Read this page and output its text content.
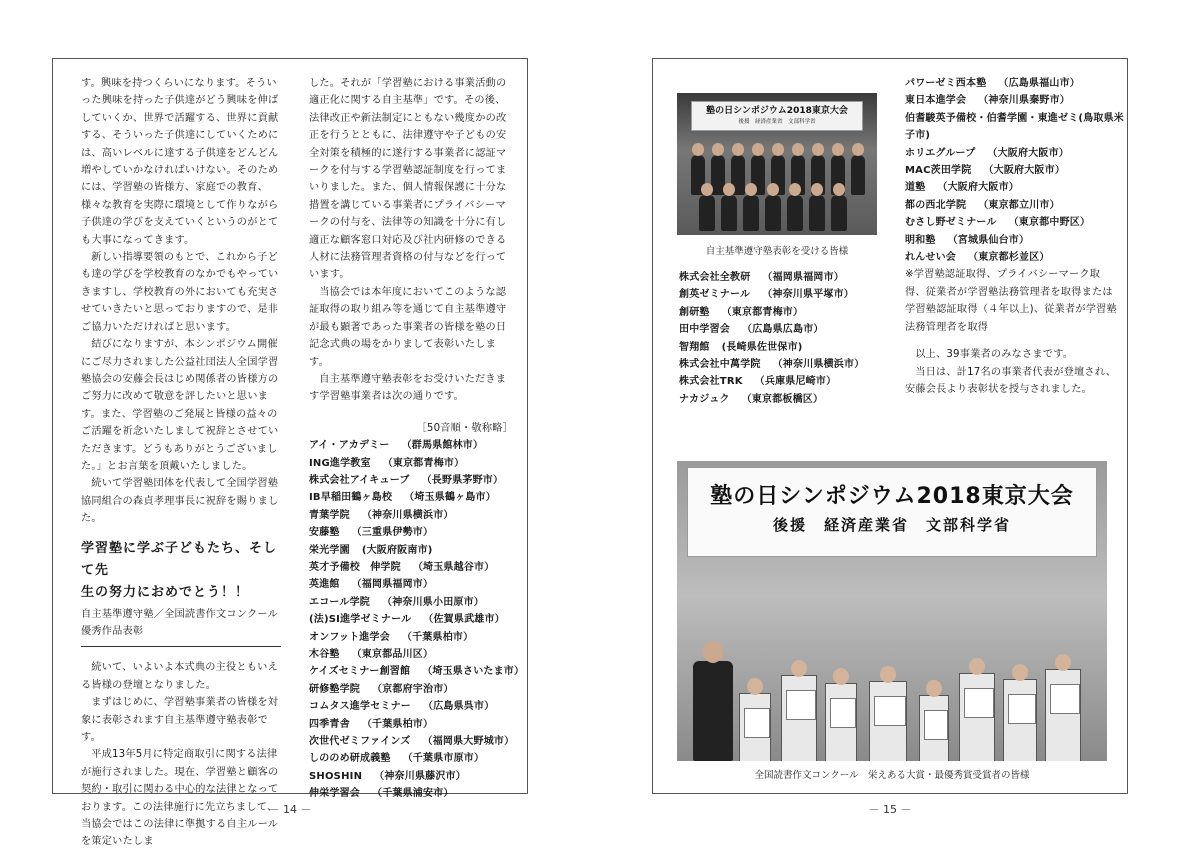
す。興味を持つくらいになります。そういった興味を持った子供達がどう興味を伸ばしていくか、世界で活躍する、世界に貢献する、そういった子供達にしていくためには、高いレベルに達する子供達をどんどん増やしていかなければいけない。そのためには、学習塾の皆様方、家庭での教育、様々な教育を実際に環境として作りながら子供達の学びを支えていくというのがとても大事になってきます。

新しい指導要領のもとで、これから子ども達の学びを学校教育のなかでもやっていきますし、学校教育の外においても充実させていきたいと思っておりますので、是非ご協力いただければと思います。

結びになりますが、本シンポジウム開催にご尽力されました公益社団法人全国学習塾協会の安藤会長はじめ関係者の皆様方のご努力に改めて敬意を評したいと思います。また、学習塾のご発展と皆様の益々のご活躍を祈念いたしまして祝辞とさせていただきます。どうもありがとうございました。」とお言葉を頂戴いたしました。

続いて学習塾団体を代表して全国学習塾協同組合の森貞孝理事長に祝辞を賜りました。

学習塾に学ぶ子どもたち、そして先
生の努力におめでとう！！
自主基準遵守塾／全国読書作文コンクール優秀作品表彰

続いて、いよいよ本式典の主役ともいえる皆様の登壇となりました。

まずはじめに、学習塾事業者の皆様を対象に表彰されます自主基準遵守塾表彰です。

平成13年5月に特定商取引に関する法律が施行されました。現在、学習塾と顧客の契約・取引に関わる中心的な法律となっております。この法律施行に先立ちまして、当協会ではこの法律に準拠する自主ルールを策定いたしま

した。それが「学習塾における事業活動の適正化に関する自主基準」です。その後、法律改正や新法制定にともない幾度かの改正を行うとともに、法律遵守や子どもの安全対策を積極的に遂行する事業者に認証マークを付与する学習塾認証制度を行ってまいりました。また、個人情報保護に十分な措置を講じている事業者にプライバシーマークの付与を、法律等の知識を十分に有し適正な顧客窓口対応及び社内研修のできる人材に法務管理者資格の付与などを行っています。

当協会では本年度においてこのような認証取得の取り組み等を通じて自主基準遵守が最も顕著であった事業者の皆様を塾の日記念式典の場をかりまして表彰いたします。

自主基準遵守塾表彰をお受けいただきます学習塾事業者は次の通りです。

［50音順・敬称略］
アイ・アカデミー （群馬県館林市）
ING進学教室 （東京都青梅市）
株式会社アイキューブ （長野県茅野市）
IB早稲田鶴ヶ島校 （埼玉県鶴ヶ島市）
青葉学院 （神奈川県横浜市）
安藤塾 （三重県伊勢市）
栄光学園 (大阪府阪南市)
英才予備校　伸学院 （埼玉県越谷市）
英進館 （福岡県福岡市）
エコール学院 （神奈川県小田原市）
(法)SI進学ゼミナール （佐賀県武雄市）
オンフット進学会 （千葉県柏市）
木谷塾 （東京都品川区）
ケイズセミナー創習館 （埼玉県さいたま市）
研修塾学院 （京都府宇治市）
コムタス進学セミナー （広島県呉市）
四季青舎 （千葉県柏市）
次世代ゼミファインズ （福岡県大野城市）
しののめ研成義塾 （千葉県市原市）
SHOSHIN （神奈川県藤沢市）
伸栄学習会 （千葉県浦安市）
－ 14 －
塾の日シンポジウム2018東京大会
後援　経済産業省　文部科学省
自主基準遵守塾表彰を受ける皆様
株式会社全教研 （福岡県福岡市）
創英ゼミナール （神奈川県平塚市）
創研塾 （東京都青梅市）
田中学習会 （広島県広島市）
智翔館 (長崎県佐世保市)
株式会社中萬学院 （神奈川県横浜市）
株式会社TRK （兵庫県尼崎市）
ナカジュク （東京都板橋区）
パワーゼミ西本塾 （広島県福山市）
東日本進学会 （神奈川県秦野市）
伯耆駿英予備校・伯耆学園・東進ゼミ(鳥取県米
子市)
ホリエグループ （大阪府大阪市）
MAC茨田学院 （大阪府大阪市）
道塾 （大阪府大阪市）
都の西北学院 （東京都立川市）
むさし野ゼミナール （東京都中野区）
明和塾 （宮城県仙台市）
れんせい会 （東京都杉並区）

※学習塾認証取得、プライバシーマーク取得、従業者が学習塾法務管理者を取得または学習塾認証取得（４年以上)、従業者が学習塾法務管理者を取得

以上、39事業者のみなさまです。

当日は、計17名の事業者代表が登壇され、安藤会長より表彰状を授与されました。

塾の日シンポジウム2018東京大会
後援　経済産業省　文部科学省
全国読書作文コンクール　栄えある大賞・最優秀賞受賞者の皆様
－ 15 －
